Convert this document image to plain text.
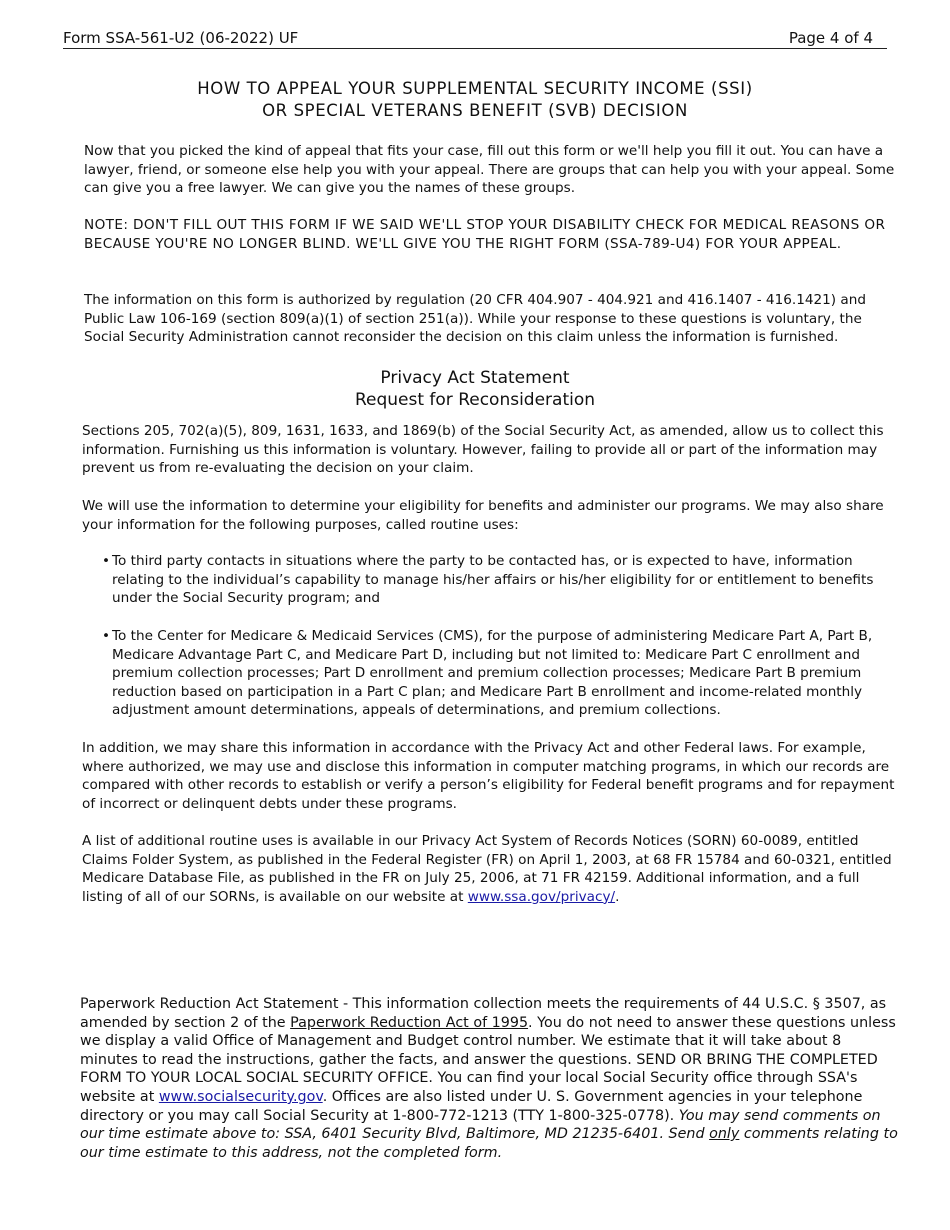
Form SSA-561-U2 (06-2022) UF	Page 4 of 4
HOW TO APPEAL YOUR SUPPLEMENTAL SECURITY INCOME (SSI)
OR SPECIAL VETERANS BENEFIT (SVB) DECISION

Now that you picked the kind of appeal that fits your case, fill out this form or we'll help you fill it out. You can have a lawyer, friend, or someone else help you with your appeal. There are groups that can help you with your appeal. Some can give you a free lawyer. We can give you the names of these groups.

NOTE: DON'T FILL OUT THIS FORM IF WE SAID WE'LL STOP YOUR DISABILITY CHECK FOR MEDICAL REASONS OR BECAUSE YOU'RE NO LONGER BLIND. WE'LL GIVE YOU THE RIGHT FORM (SSA-789-U4) FOR YOUR APPEAL.

The information on this form is authorized by regulation (20 CFR 404.907 - 404.921 and 416.1407 - 416.1421) and Public Law 106-169 (section 809(a)(1) of section 251(a)). While your response to these questions is voluntary, the Social Security Administration cannot reconsider the decision on this claim unless the information is furnished.

Privacy Act Statement
Request for Reconsideration

Sections 205, 702(a)(5), 809, 1631, 1633, and 1869(b) of the Social Security Act, as amended, allow us to collect this information. Furnishing us this information is voluntary. However, failing to provide all or part of the information may prevent us from re-evaluating the decision on your claim.

We will use the information to determine your eligibility for benefits and administer our programs. We may also share your information for the following purposes, called routine uses:

• To third party contacts in situations where the party to be contacted has, or is expected to have, information relating to the individual’s capability to manage his/her affairs or his/her eligibility for or entitlement to benefits under the Social Security program; and
• To the Center for Medicare & Medicaid Services (CMS), for the purpose of administering Medicare Part A, Part B, Medicare Advantage Part C, and Medicare Part D, including but not limited to: Medicare Part C enrollment and premium collection processes; Part D enrollment and premium collection processes; Medicare Part B premium reduction based on participation in a Part C plan; and Medicare Part B enrollment and income-related monthly adjustment amount determinations, appeals of determinations, and premium collections.

In addition, we may share this information in accordance with the Privacy Act and other Federal laws. For example, where authorized, we may use and disclose this information in computer matching programs, in which our records are compared with other records to establish or verify a person’s eligibility for Federal benefit programs and for repayment of incorrect or delinquent debts under these programs.

A list of additional routine uses is available in our Privacy Act System of Records Notices (SORN) 60-0089, entitled Claims Folder System, as published in the Federal Register (FR) on April 1, 2003, at 68 FR 15784 and 60-0321, entitled Medicare Database File, as published in the FR on July 25, 2006, at 71 FR 42159. Additional information, and a full listing of all of our SORNs, is available on our website at www.ssa.gov/privacy/.

Paperwork Reduction Act Statement - This information collection meets the requirements of 44 U.S.C. § 3507, as amended by section 2 of the Paperwork Reduction Act of 1995. You do not need to answer these questions unless we display a valid Office of Management and Budget control number. We estimate that it will take about 8 minutes to read the instructions, gather the facts, and answer the questions. SEND OR BRING THE COMPLETED FORM TO YOUR LOCAL SOCIAL SECURITY OFFICE. You can find your local Social Security office through SSA's website at www.socialsecurity.gov. Offices are also listed under U. S. Government agencies in your telephone directory or you may call Social Security at 1-800-772-1213 (TTY 1-800-325-0778). You may send comments on our time estimate above to: SSA, 6401 Security Blvd, Baltimore, MD 21235-6401. Send only comments relating to our time estimate to this address, not the completed form.
